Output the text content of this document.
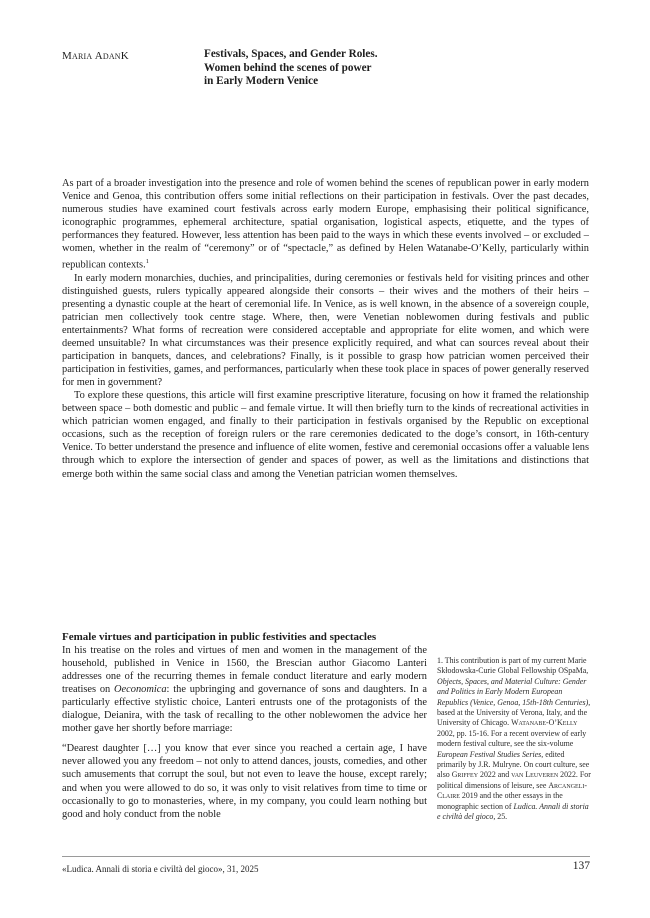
Maria AdanK	Festivals, Spaces, and Gender Roles.
Women behind the scenes of power
in Early Modern Venice

As part of a broader investigation into the presence and role of women behind the scenes of republican power in early modern Venice and Genoa, this contribution offers some initial reflections on their participation in festivals. Over the past decades, numerous studies have examined court festivals across early modern Europe, emphasising their political significance, iconographic programmes, ephemeral architecture, spatial organisation, logistical aspects, etiquette, and the types of performances they featured. However, less attention has been paid to the ways in which these events involved – or excluded – women, whether in the realm of “ceremony” or of “spectacle,” as defined by Helen Watanabe-O’Kelly, particularly within republican contexts.$^1$

In early modern monarchies, duchies, and principalities, during ceremonies or festivals held for visiting princes and other distinguished guests, rulers typically appeared alongside their consorts – their wives and the mothers of their heirs – presenting a dynastic couple at the heart of ceremonial life. In Venice, as is well known, in the absence of a sovereign couple, patrician men collectively took centre stage. Where, then, were Venetian noblewomen during festivals and public entertainments? What forms of recreation were considered acceptable and appropriate for elite women, and which were deemed unsuitable? In what circumstances was their presence explicitly required, and what can sources reveal about their participation in banquets, dances, and celebrations? Finally, is it possible to grasp how patrician women perceived their participation in festivities, games, and performances, particularly when these took place in spaces of power generally reserved for men in government?

To explore these questions, this article will first examine prescriptive literature, focusing on how it framed the relationship between space – both domestic and public – and female virtue. It will then briefly turn to the kinds of recreational activities in which patrician women engaged, and finally to their participation in festivals organised by the Republic on exceptional occasions, such as the reception of foreign rulers or the rare ceremonies dedicated to the doge’s consort, in 16th-century Venice. To better understand the presence and influence of elite women, festive and ceremonial occasions offer a valuable lens through which to explore the intersection of gender and spaces of power, as well as the limitations and distinctions that emerge both within the same social class and among the Venetian patrician women themselves.

Female virtues and participation in public festivities and spectacles

In his treatise on the roles and virtues of men and women in the management of the household, published in Venice in 1560, the Brescian author Giacomo Lanteri addresses one of the recurring themes in female conduct literature and early modern treatises on Oeconomica: the upbringing and governance of sons and daughters. In a particularly effective stylistic choice, Lanteri entrusts one of the protagonists of the dialogue, Deianira, with the task of recalling to the other noblewomen the advice her mother gave her shortly before marriage:

“Dearest daughter […] you know that ever since you reached a certain age, I have never allowed you any freedom – not only to attend dances, jousts, comedies, and other such amusements that corrupt the soul, but not even to leave the house, except rarely; and when you were allowed to do so, it was only to visit relatives from time to time or occasionally to go to monasteries, where, in my company, you could learn nothing but good and holy conduct from the noble

1. This contribution is part of my current Marie Skłodowska-Curie Global Fellowship OSpaMa, Objects, Spaces, and Material Culture: Gender and Politics in Early Modern European Republics (Venice, Genoa, 15th-18th Centuries), based at the University of Verona, Italy, and the University of Chicago. Watanabe-O’Kelly 2002, pp. 15-16. For a recent overview of early modern festival culture, see the six-volume European Festival Studies Series, edited primarily by J.R. Mulryne. On court culture, see also Griffey 2022 and van Leuveren 2022. For political dimensions of leisure, see Arcangeli-Claire 2019 and the other essays in the monographic section of Ludica. Annali di storia e civiltà del gioco, 25.

«Ludica. Annali di storia e civiltà del gioco», 31, 2025	137
